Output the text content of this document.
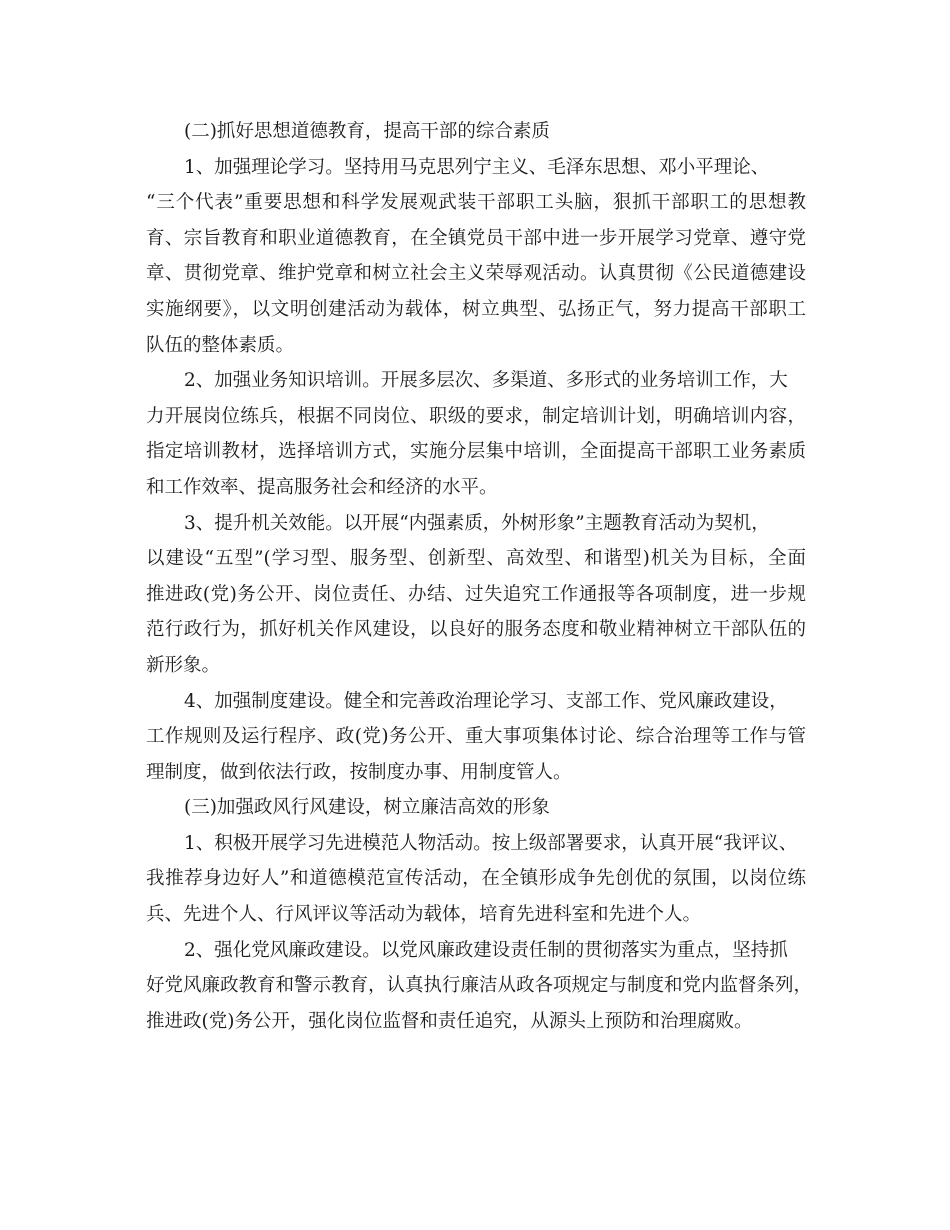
(二)抓好思想道德教育，提高干部的综合素质
1、加强理论学习。坚持用马克思列宁主义、毛泽东思想、邓小平理论、
“三个代表”重要思想和科学发展观武装干部职工头脑，狠抓干部职工的思想教
育、宗旨教育和职业道德教育，在全镇党员干部中进一步开展学习党章、遵守党
章、贯彻党章、维护党章和树立社会主义荣辱观活动。认真贯彻《公民道德建设
实施纲要》，以文明创建活动为载体，树立典型、弘扬正气，努力提高干部职工
队伍的整体素质。
2、加强业务知识培训。开展多层次、多渠道、多形式的业务培训工作，大
力开展岗位练兵，根据不同岗位、职级的要求，制定培训计划，明确培训内容，
指定培训教材，选择培训方式，实施分层集中培训，全面提高干部职工业务素质
和工作效率、提高服务社会和经济的水平。
3、提升机关效能。以开展“内强素质，外树形象”主题教育活动为契机，
以建设“五型”(学习型、服务型、创新型、高效型、和谐型)机关为目标，全面
推进政(党)务公开、岗位责任、办结、过失追究工作通报等各项制度，进一步规
范行政行为，抓好机关作风建设，以良好的服务态度和敬业精神树立干部队伍的
新形象。
4、加强制度建设。健全和完善政治理论学习、支部工作、党风廉政建设，
工作规则及运行程序、政(党)务公开、重大事项集体讨论、综合治理等工作与管
理制度，做到依法行政，按制度办事、用制度管人。
(三)加强政风行风建设，树立廉洁高效的形象
1、积极开展学习先进模范人物活动。按上级部署要求，认真开展“我评议、
我推荐身边好人”和道德模范宣传活动，在全镇形成争先创优的氛围，以岗位练
兵、先进个人、行风评议等活动为载体，培育先进科室和先进个人。
2、强化党风廉政建设。以党风廉政建设责任制的贯彻落实为重点，坚持抓
好党风廉政教育和警示教育，认真执行廉洁从政各项规定与制度和党内监督条列，
推进政(党)务公开，强化岗位监督和责任追究，从源头上预防和治理腐败。
